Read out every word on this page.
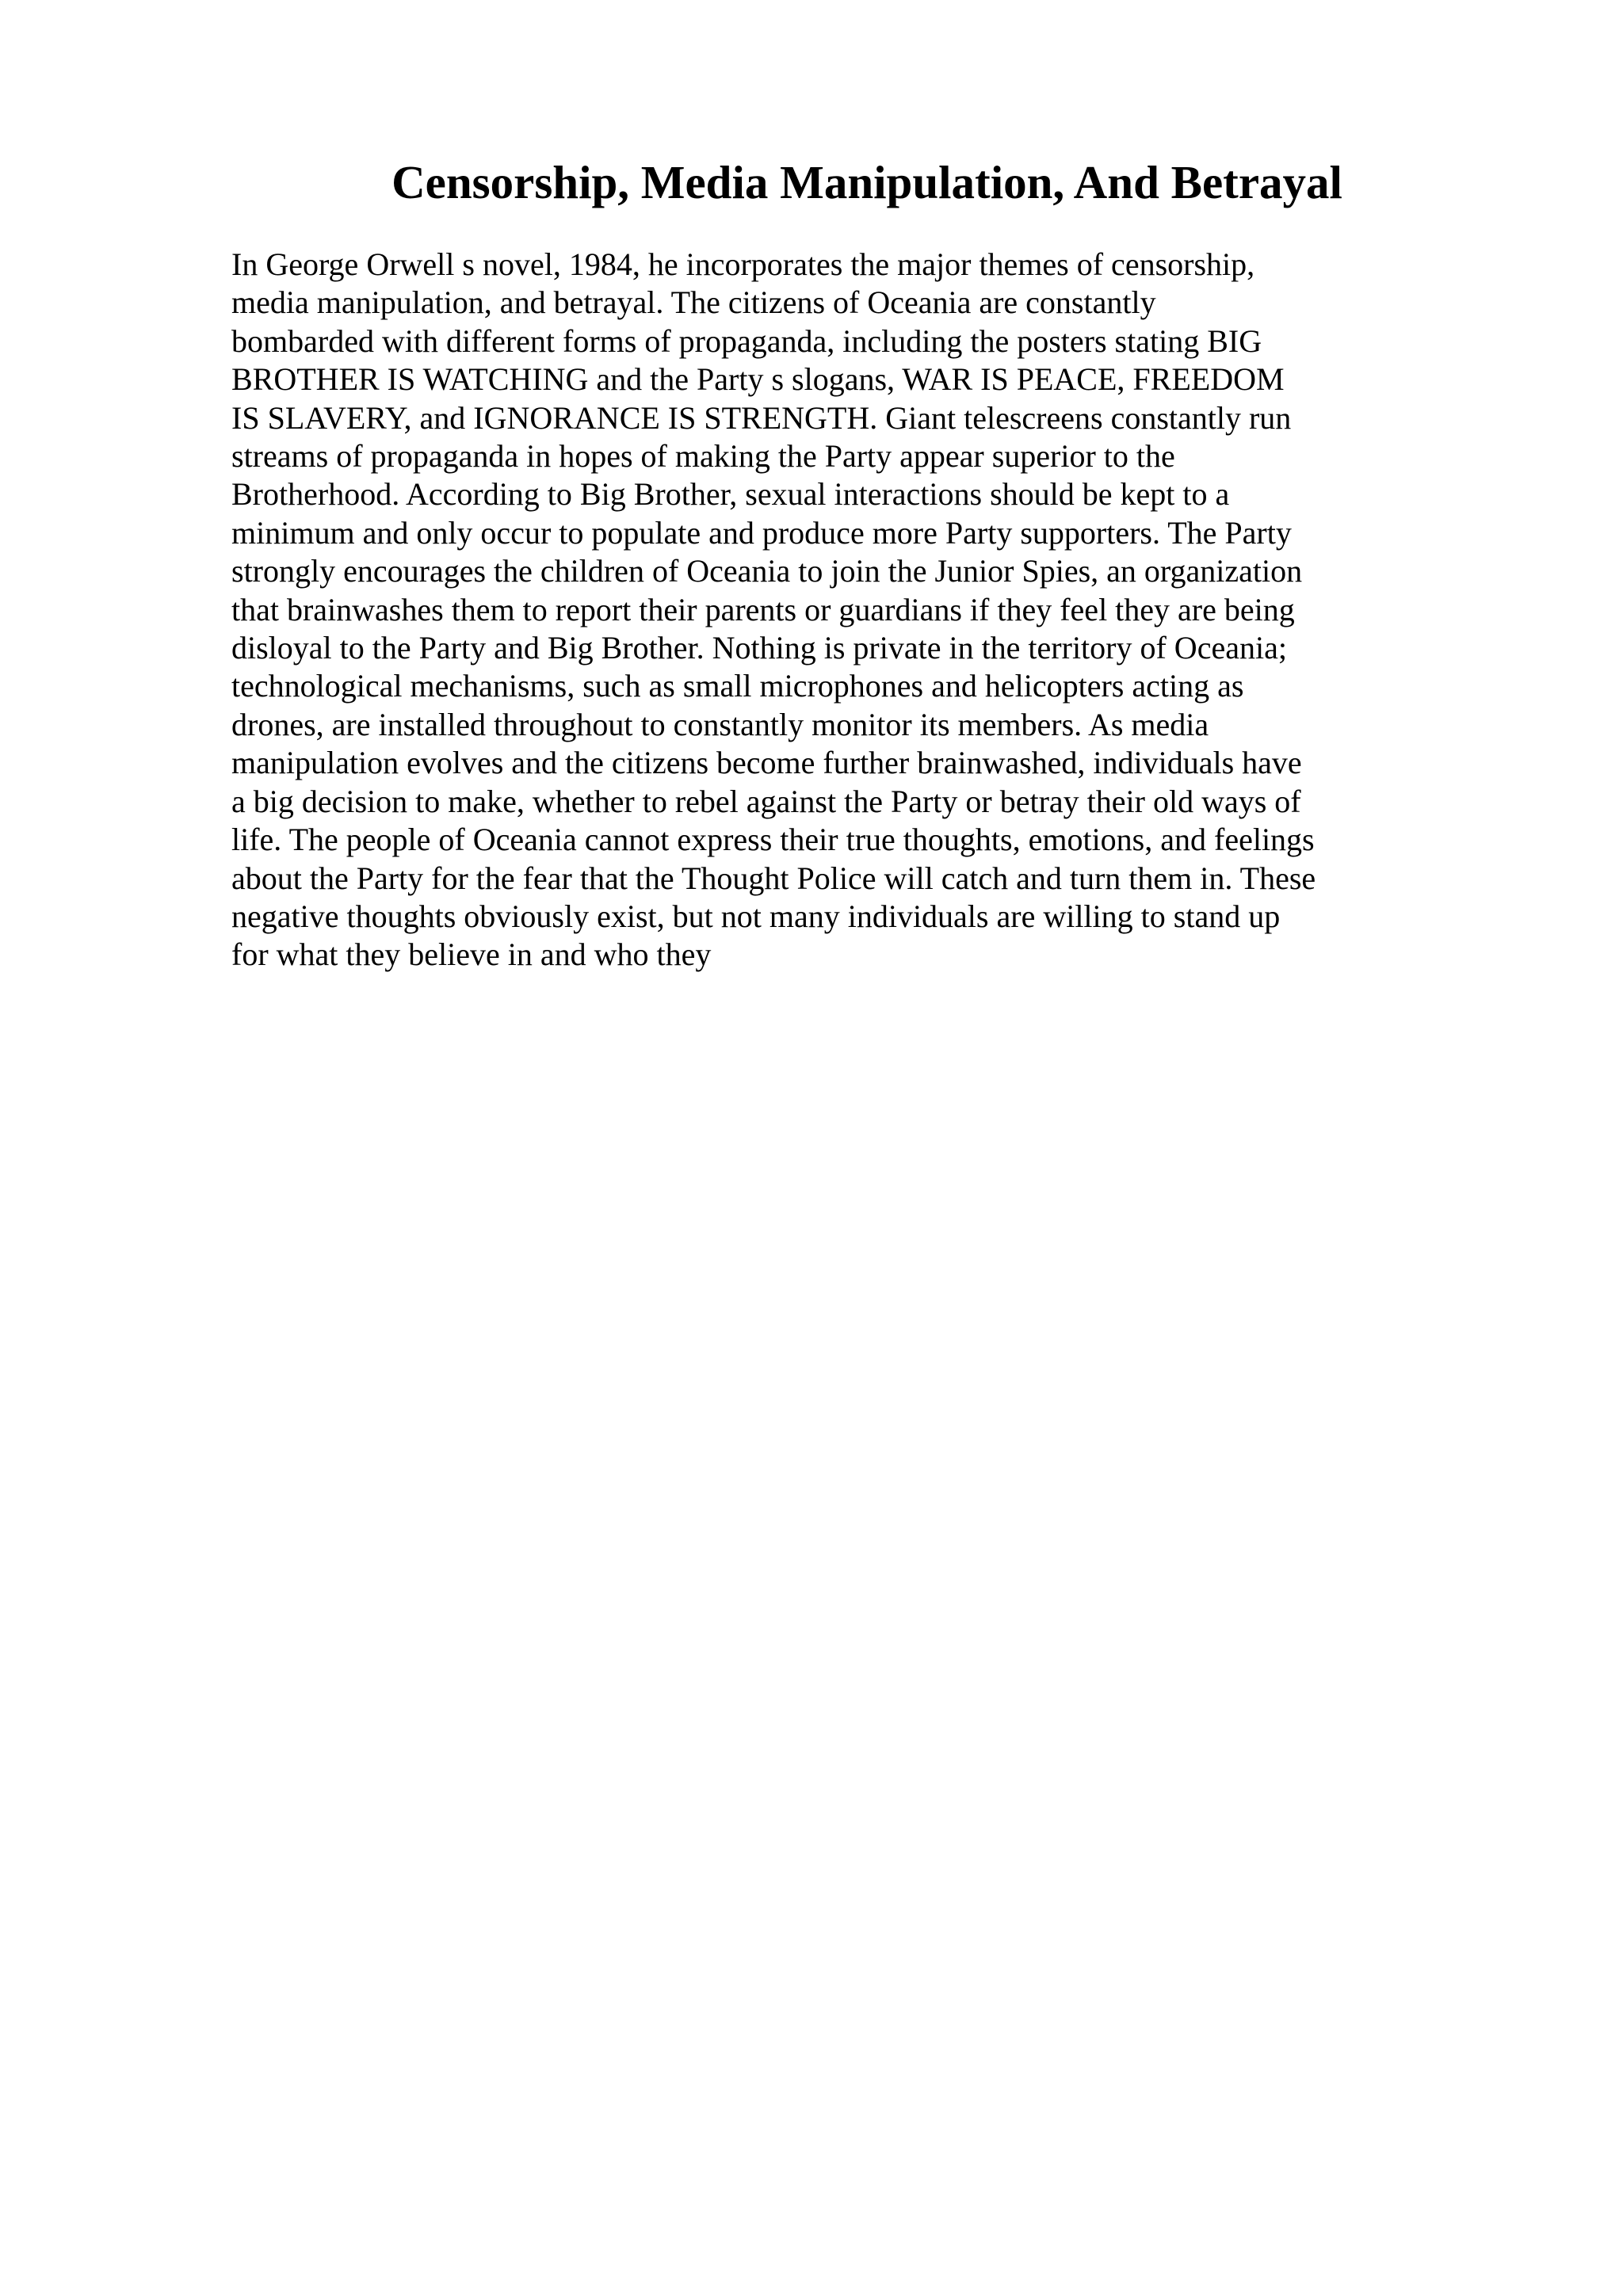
Censorship, Media Manipulation, And Betrayal

In George Orwell s novel, 1984, he incorporates the major themes of censorship,
media manipulation, and betrayal. The citizens of Oceania are constantly
bombarded with different forms of propaganda, including the posters stating BIG
BROTHER IS WATCHING and the Party s slogans, WAR IS PEACE, FREEDOM
IS SLAVERY, and IGNORANCE IS STRENGTH. Giant telescreens constantly run
streams of propaganda in hopes of making the Party appear superior to the
Brotherhood. According to Big Brother, sexual interactions should be kept to a
minimum and only occur to populate and produce more Party supporters. The Party
strongly encourages the children of Oceania to join the Junior Spies, an organization
that brainwashes them to report their parents or guardians if they feel they are being
disloyal to the Party and Big Brother. Nothing is private in the territory of Oceania;
technological mechanisms, such as small microphones and helicopters acting as
drones, are installed throughout to constantly monitor its members. As media
manipulation evolves and the citizens become further brainwashed, individuals have
a big decision to make, whether to rebel against the Party or betray their old ways of
life. The people of Oceania cannot express their true thoughts, emotions, and feelings
about the Party for the fear that the Thought Police will catch and turn them in. These
negative thoughts obviously exist, but not many individuals are willing to stand up
for what they believe in and who they
